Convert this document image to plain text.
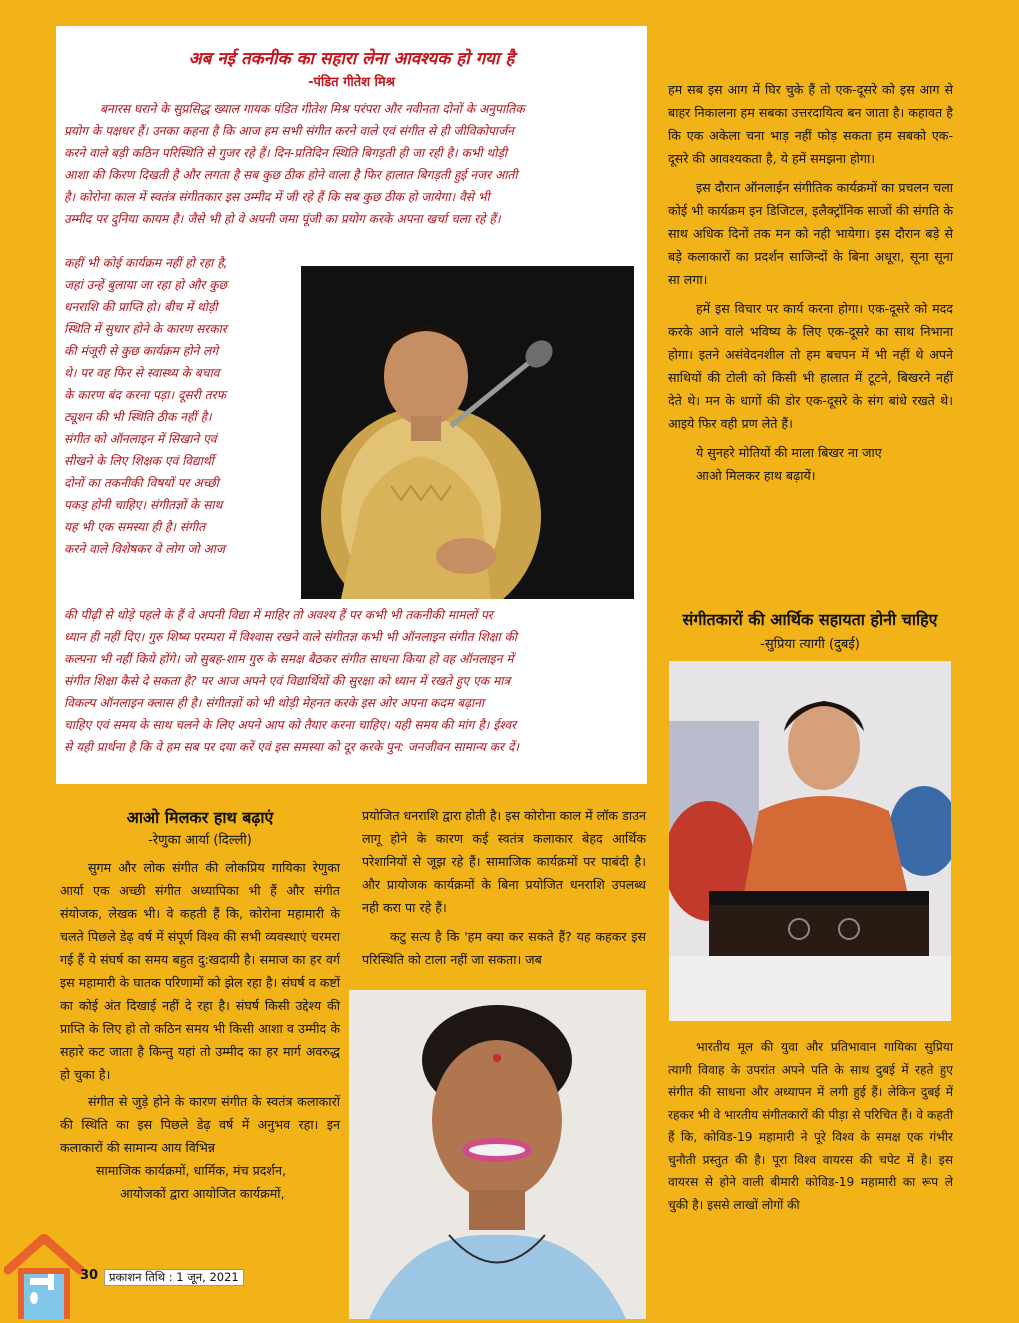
अब नई तकनीक का सहारा लेना आवश्यक हो गया है
-पंडित गीतेश मिश्र

बनारस घराने के सुप्रसिद्ध ख्याल गायक पंडित गीतेश मिश्र परंपरा और नवीनता दोनों के अनुपातिक

प्रयोग के पक्षधर हैं। उनका कहना है कि आज हम सभी संगीत करने वाले एवं संगीत से ही जीविकोपार्जन

करने वाले बड़ी कठिन परिस्थिति से गुजर रहे हैं। दिन-प्रतिदिन स्थिति बिगड़ती ही जा रही है। कभी थोड़ी

आशा की किरण दिखती है और लगता है सब कुछ ठीक होने वाला है फिर हालात बिगड़ती हुई नजर आती

है। कोरोना काल में स्वतंत्र संगीतकार इस उम्मीद में जी रहे हैं कि सब कुछ ठीक हो जायेगा। वैसे भी

उम्मीद पर दुनिया कायम है। जैसे भी हो वे अपनी जमा पूंजी का प्रयोग करके अपना खर्चा चला रहे हैं।

कहीं भी कोई कार्यक्रम नहीं हो रहा है,

जहां उन्हें बुलाया जा रहा हो और कुछ

धनराशि की प्राप्ति हो। बीच में थोड़ी

स्थिति में सुधार होने के कारण सरकार

की मंजूरी से कुछ कार्यक्रम होने लगे

थे। पर वह फिर से स्वास्थ्य के बचाव

के कारण बंद करना पड़ा। दूसरी तरफ

ट्यूशन की भी स्थिति ठीक नहीं है।

संगीत को ऑनलाइन में सिखाने एवं

सीखने के लिए शिक्षक एवं विद्यार्थी

दोनों का तकनीकी विषयों पर अच्छी

पकड़ होनी चाहिए। संगीतज्ञों के साथ

यह भी एक समस्या ही है। संगीत

करने वाले विशेषकर वे लोग जो आज

की पीढ़ी से थोड़े पहले के हैं वे अपनी विद्या में माहिर तो अवश्य हैं पर कभी भी तकनीकी मामलों पर

ध्यान ही नहीं दिए। गुरु शिष्य परम्परा में विश्वास रखने वाले संगीतज्ञ कभी भी ऑनलाइन संगीत शिक्षा की

कल्पना भी नहीं किये होंगे। जो सुबह-शाम गुरु के समक्ष बैठकर संगीत साधना किया हो वह ऑनलाइन में

संगीत शिक्षा कैसे दे सकता है? पर आज अपने एवं विद्यार्थियों की सुरक्षा को ध्यान में रखते हुए एक मात्र

विकल्प ऑनलाइन क्लास ही है। संगीतज्ञों को भी थोड़ी मेहनत करके इस ओर अपना कदम बढ़ाना

चाहिए एवं समय के साथ चलने के लिए अपने आप को तैयार करना चाहिए। यही समय की मांग है। ईश्वर

से यही प्रार्थना है कि वे हम सब पर दया करें एवं इस समस्या को दूर करके पुन: जनजीवन सामान्य कर दें।

हम सब इस आग में घिर चुके हैं तो एक-दूसरे को इस आग से बाहर निकालना हम सबका उत्तरदायित्व बन जाता है। कहावत है कि एक अकेला चना भाड़ नहीं फोड़ सकता हम सबको एक-दूसरे की आवश्यकता है, ये हमें समझना होगा।

इस दौरान ऑनलाईन संगीतिक कार्यक्रमों का प्रचलन चला कोई भी कार्यक्रम इन डिजिटल, इलैक्ट्रॉनिक साजों की संगति के साथ अधिक दिनों तक मन को नही भायेगा। इस दौरान बड़े से बड़े कलाकारों का प्रदर्शन साजिन्दों के बिना अधूरा, सूना सूना सा लगा।

हमें इस विचार पर कार्य करना होगा। एक-दूसरे को मदद करके आने वाले भविष्य के लिए एक-दूसरे का साथ निभाना होगा। इतने असंवेदनशील तो हम बचपन में भी नहीं थे अपने साथियों की टोली को किसी भी हालात में टूटने, बिखरने नहीं देते थे। मन के धागों की डोर एक-दूसरे के संग बांधे रखते थे। आइये फिर वही प्रण लेते हैं।

ये सुनहरे मोतियों की माला बिखर ना जाए

आओ मिलकर हाथ बढ़ायें।

संगीतकारों की आर्थिक सहायता होनी चाहिए
-सुप्रिया त्यागी (दुबई)

भारतीय मूल की युवा और प्रतिभावान गायिका सुप्रिया त्यागी विवाह के उपरांत अपने पति के साथ दुबई में रहते हुए संगीत की साधना और अध्यापन में लगी हुई हैं। लेकिन दुबई में रहकर भी वे भारतीय संगीतकारों की पीड़ा से परिचित हैं। वे कहती हैं कि, कोविड-19 महामारी ने पूरे विश्व के समक्ष एक गंभीर चुनौती प्रस्तुत की है। पूरा विश्व वायरस की चपेट में है। इस वायरस से होने वाली बीमारी कोविड-19 महामारी का रूप ले चुकी है। इससे लाखों लोगों की

आओ मिलकर हाथ बढ़ाएं
-रेणुका आर्या (दिल्ली)

सुगम और लोक संगीत की लोकप्रिय गायिका रेणुका आर्या एक अच्छी संगीत अध्यापिका भी हैं और संगीत संयोजक, लेखक भी। वे कहती हैं कि, कोरोना महामारी के चलते पिछले डेढ़ वर्ष में संपूर्ण विश्व की सभी व्यवस्थाएं चरमरा गई हैं ये संघर्ष का समय बहुत दु:खदायी है। समाज का हर वर्ग इस महामारी के घातक परिणामों को झेल रहा है। संघर्ष व कष्टों का कोई अंत दिखाई नहीं दे रहा है। संघर्ष किसी उद्देश्य की प्राप्ति के लिए हो तो कठिन समय भी किसी आशा व उम्मीद के सहारे कट जाता है किन्तु यहां तो उम्मीद का हर मार्ग अवरुद्ध हो चुका है।

संगीत से जुड़े होने के कारण संगीत के स्वतंत्र कलाकारों की स्थिति का इस पिछले डेढ़ वर्ष में अनुभव रहा। इन कलाकारों की सामान्य आय विभिन्न

सामाजिक कार्यक्रमों, धार्मिक, मंच प्रदर्शन,

आयोजकों द्वारा आयोजित कार्यक्रमों,

प्रयोजित धनराशि द्वारा होती है। इस कोरोना काल में लॉक डाउन लागू होने के कारण कई स्वतंत्र कलाकार बेहद आर्थिक परेशानियों से जूझ रहे हैं। सामाजिक कार्यक्रमों पर पाबंदी है। और प्रायोजक कार्यक्रमों के बिना प्रयोजित धनराशि उपलब्ध नही करा पा रहे हैं।

कटु सत्य है कि 'हम क्या कर सकते हैं? यह कहकर इस परिस्थिति को टाला नहीं जा सकता। जब

30 प्रकाशन तिथि : 1 जून, 2021
